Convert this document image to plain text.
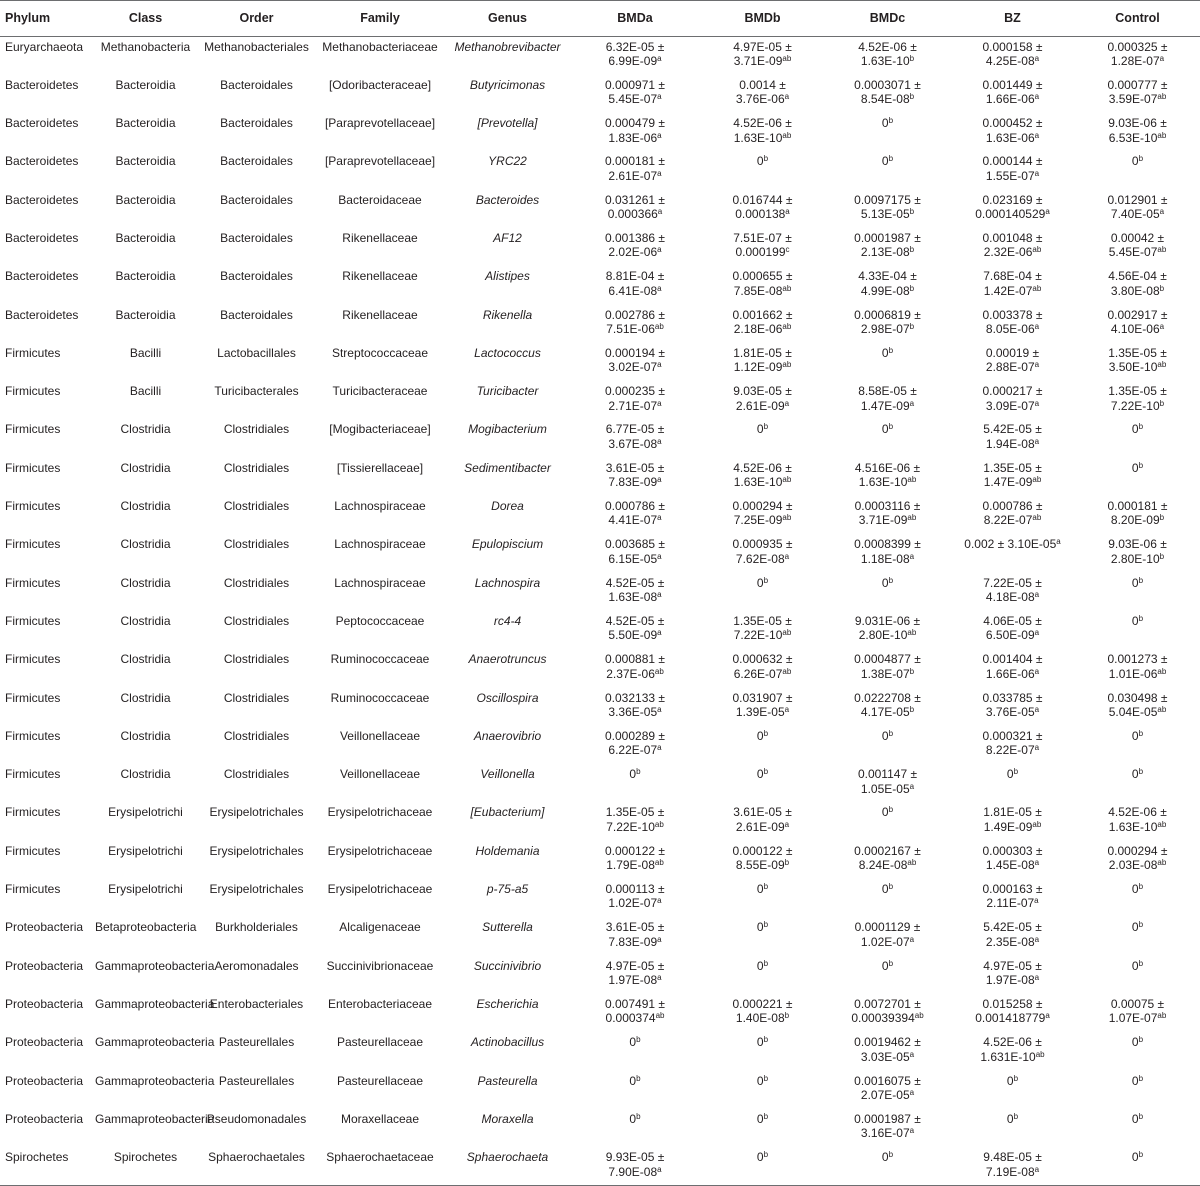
Phylum	Class	Order	Family	Genus	BMDa	BMDb	BMDc	BZ	Control
Euryarchaeota	Methanobacteria	Methanobacteriales	Methanobacteriaceae	Methanobrevibacter	6.32E-05 ±
$6.99E-09^a$	4.97E-05 ±
$3.71E-09^{ab}$	4.52E-06 ±
$1.63E-10^b$	0.000158 ±
$4.25E-08^a$	0.000325 ±
$1.28E-07^a$

Bacteroidetes	Bacteroidia	Bacteroidales	[Odoribacteraceae]	Butyricimonas	0.000971 ±
$5.45E-07^a$	0.0014 ±
$3.76E-06^a$	0.0003071 ±
$8.54E-08^b$	0.001449 ±
$1.66E-06^a$	0.000777 ±
$3.59E-07^{ab}$

Bacteroidetes	Bacteroidia	Bacteroidales	[Paraprevotellaceae]	[Prevotella]	0.000479 ±
$1.83E-06^a$	4.52E-06 ±
$1.63E-10^{ab}$	0$^b$	0.000452 ±
$1.63E-06^a$	9.03E-06 ±
$6.53E-10^{ab}$

Bacteroidetes	Bacteroidia	Bacteroidales	[Paraprevotellaceae]	YRC22	0.000181 ±
$2.61E-07^a$	0$^b$	0$^b$	0.000144 ±
$1.55E-07^a$	0$^b$

Bacteroidetes	Bacteroidia	Bacteroidales	Bacteroidaceae	Bacteroides	0.031261 ±
0.000366$^a$	0.016744 ±
0.000138$^a$	0.0097175 ±
$5.13E-05^b$	0.023169 ±
0.000140529$^a$	0.012901 ±
$7.40E-05^a$

Bacteroidetes	Bacteroidia	Bacteroidales	Rikenellaceae	AF12	0.001386 ±
$2.02E-06^a$	7.51E-07 ±
0.000199$^c$	0.0001987 ±
$2.13E-08^b$	0.001048 ±
$2.32E-06^{ab}$	0.00042 ±
$5.45E-07^{ab}$

Bacteroidetes	Bacteroidia	Bacteroidales	Rikenellaceae	Alistipes	8.81E-04 ±
$6.41E-08^a$	0.000655 ±
$7.85E-08^{ab}$	4.33E-04 ±
$4.99E-08^b$	7.68E-04 ±
$1.42E-07^{ab}$	4.56E-04 ±
$3.80E-08^b$

Bacteroidetes	Bacteroidia	Bacteroidales	Rikenellaceae	Rikenella	0.002786 ±
$7.51E-06^{ab}$	0.001662 ±
$2.18E-06^{ab}$	0.0006819 ±
$2.98E-07^b$	0.003378 ±
$8.05E-06^a$	0.002917 ±
$4.10E-06^a$

Firmicutes	Bacilli	Lactobacillales	Streptococcaceae	Lactococcus	0.000194 ±
$3.02E-07^a$	1.81E-05 ±
$1.12E-09^{ab}$	0$^b$	0.00019 ±
$2.88E-07^a$	1.35E-05 ±
$3.50E-10^{ab}$

Firmicutes	Bacilli	Turicibacterales	Turicibacteraceae	Turicibacter	0.000235 ±
$2.71E-07^a$	9.03E-05 ±
$2.61E-09^a$	8.58E-05 ±
$1.47E-09^a$	0.000217 ±
$3.09E-07^a$	1.35E-05 ±
$7.22E-10^b$

Firmicutes	Clostridia	Clostridiales	[Mogibacteriaceae]	Mogibacterium	6.77E-05 ±
$3.67E-08^a$	0$^b$	0$^b$	5.42E-05 ±
$1.94E-08^a$	0$^b$

Firmicutes	Clostridia	Clostridiales	[Tissierellaceae]	Sedimentibacter	3.61E-05 ±
$7.83E-09^a$	4.52E-06 ±
$1.63E-10^{ab}$	4.516E-06 ±
$1.63E-10^{ab}$	1.35E-05 ±
$1.47E-09^{ab}$	0$^b$

Firmicutes	Clostridia	Clostridiales	Lachnospiraceae	Dorea	0.000786 ±
$4.41E-07^a$	0.000294 ±
$7.25E-09^{ab}$	0.0003116 ±
$3.71E-09^{ab}$	0.000786 ±
$8.22E-07^{ab}$	0.000181 ±
$8.20E-09^b$

Firmicutes	Clostridia	Clostridiales	Lachnospiraceae	Epulopiscium	0.003685 ±
$6.15E-05^a$	0.000935 ±
$7.62E-08^a$	0.0008399 ±
$1.18E-08^a$	$0.002 \pm 3.10E-05^a$	9.03E-06 ±
$2.80E-10^b$

Firmicutes	Clostridia	Clostridiales	Lachnospiraceae	Lachnospira	4.52E-05 ±
$1.63E-08^a$	0$^b$	0$^b$	7.22E-05 ±
$4.18E-08^a$	0$^b$

Firmicutes	Clostridia	Clostridiales	Peptococcaceae	rc4-4	4.52E-05 ±
$5.50E-09^a$	1.35E-05 ±
$7.22E-10^{ab}$	9.031E-06 ±
$2.80E-10^{ab}$	4.06E-05 ±
$6.50E-09^a$	0$^b$

Firmicutes	Clostridia	Clostridiales	Ruminococcaceae	Anaerotruncus	0.000881 ±
$2.37E-06^{ab}$	0.000632 ±
$6.26E-07^{ab}$	0.0004877 ±
$1.38E-07^b$	0.001404 ±
$1.66E-06^a$	0.001273 ±
$1.01E-06^{ab}$

Firmicutes	Clostridia	Clostridiales	Ruminococcaceae	Oscillospira	0.032133 ±
$3.36E-05^a$	0.031907 ±
$1.39E-05^a$	0.0222708 ±
$4.17E-05^b$	0.033785 ±
$3.76E-05^a$	0.030498 ±
$5.04E-05^{ab}$

Firmicutes	Clostridia	Clostridiales	Veillonellaceae	Anaerovibrio	0.000289 ±
$6.22E-07^a$	0$^b$	0$^b$	0.000321 ±
$8.22E-07^a$	0$^b$

Firmicutes	Clostridia	Clostridiales	Veillonellaceae	Veillonella	0$^b$	0$^b$	0.001147 ±
$1.05E-05^a$	0$^b$	0$^b$

Firmicutes	Erysipelotrichi	Erysipelotrichales	Erysipelotrichaceae	[Eubacterium]	1.35E-05 ±
$7.22E-10^{ab}$	3.61E-05 ±
$2.61E-09^a$	0$^b$	1.81E-05 ±
$1.49E-09^{ab}$	4.52E-06 ±
$1.63E-10^{ab}$

Firmicutes	Erysipelotrichi	Erysipelotrichales	Erysipelotrichaceae	Holdemania	0.000122 ±
$1.79E-08^{ab}$	0.000122 ±
$8.55E-09^b$	0.0002167 ±
$8.24E-08^{ab}$	0.000303 ±
$1.45E-08^a$	0.000294 ±
$2.03E-08^{ab}$

Firmicutes	Erysipelotrichi	Erysipelotrichales	Erysipelotrichaceae	p-75-a5	0.000113 ±
$1.02E-07^a$	0$^b$	0$^b$	0.000163 ±
$2.11E-07^a$	0$^b$

Proteobacteria	Betaproteobacteria	Burkholderiales	Alcaligenaceae	Sutterella	3.61E-05 ±
$7.83E-09^a$	0$^b$	0.0001129 ±
$1.02E-07^a$	5.42E-05 ±
$2.35E-08^a$	0$^b$

Proteobacteria	Gammaproteobacteria	Aeromonadales	Succinivibrionaceae	Succinivibrio	4.97E-05 ±
$1.97E-08^a$	0$^b$	0$^b$	4.97E-05 ±
$1.97E-08^a$	0$^b$

Proteobacteria	Gammaproteobacteria	Enterobacteriales	Enterobacteriaceae	Escherichia	0.007491 ±
0.000374$^{ab}$	0.000221 ±
$1.40E-08^b$	0.0072701 ±
0.00039394$^{ab}$	0.015258 ±
0.001418779$^a$	0.00075 ±
$1.07E-07^{ab}$

Proteobacteria	Gammaproteobacteria	Pasteurellales	Pasteurellaceae	Actinobacillus	0$^b$	0$^b$	0.0019462 ±
$3.03E-05^a$	4.52E-06 ±
$1.631E-10^{ab}$	0$^b$

Proteobacteria	Gammaproteobacteria	Pasteurellales	Pasteurellaceae	Pasteurella	0$^b$	0$^b$	0.0016075 ±
$2.07E-05^a$	0$^b$	0$^b$

Proteobacteria	Gammaproteobacteria	Pseudomonadales	Moraxellaceae	Moraxella	0$^b$	0$^b$	0.0001987 ±
$3.16E-07^a$	0$^b$	0$^b$

Spirochetes	Spirochetes	Sphaerochaetales	Sphaerochaetaceae	Sphaerochaeta	9.93E-05 ±
$7.90E-08^a$	0$^b$	0$^b$	9.48E-05 ±
$7.19E-08^a$	0$^b$
